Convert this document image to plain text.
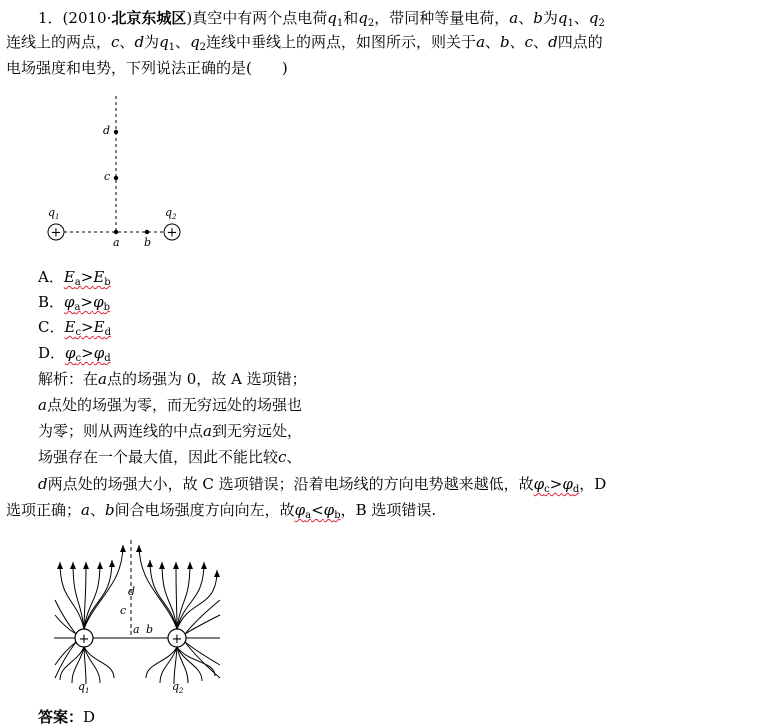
1．(2010·北京东城区)真空中有两个点电荷$q_1$和$q_2$，带同种等量电荷，a、b为$q_1$、$q_2$
连线上的两点，c、d为$q_1$、$q_2$连线中垂线上的两点，如图所示，则关于a、b、c、d四点的
电场强度和电势，下列说法正确的是(　　)
+	+
d
c
a b
$q_1$	$q_2$
+	+
d
c
a b
$q_1$	$q_2$
A．$E_a>E_b$
B．$\varphi_a>\varphi_b$
C．$E_c>E_d$
D．$\varphi_c>\varphi_d$
解析：在a点的场强为 0，故 A 选项错；
a点处的场强为零，而无穷远处的场强也
为零；则从两连线的中点a到无穷远处，
场强存在一个最大值，因此不能比较c、
d两点处的场强大小，故 C 选项错误；沿着电场线的方向电势越来越低，故$\varphi_c>\varphi_d$，D
选项正确；a、b间合电场强度方向向左，故$\varphi_a<\varphi_b$，B 选项错误.
答案：D
